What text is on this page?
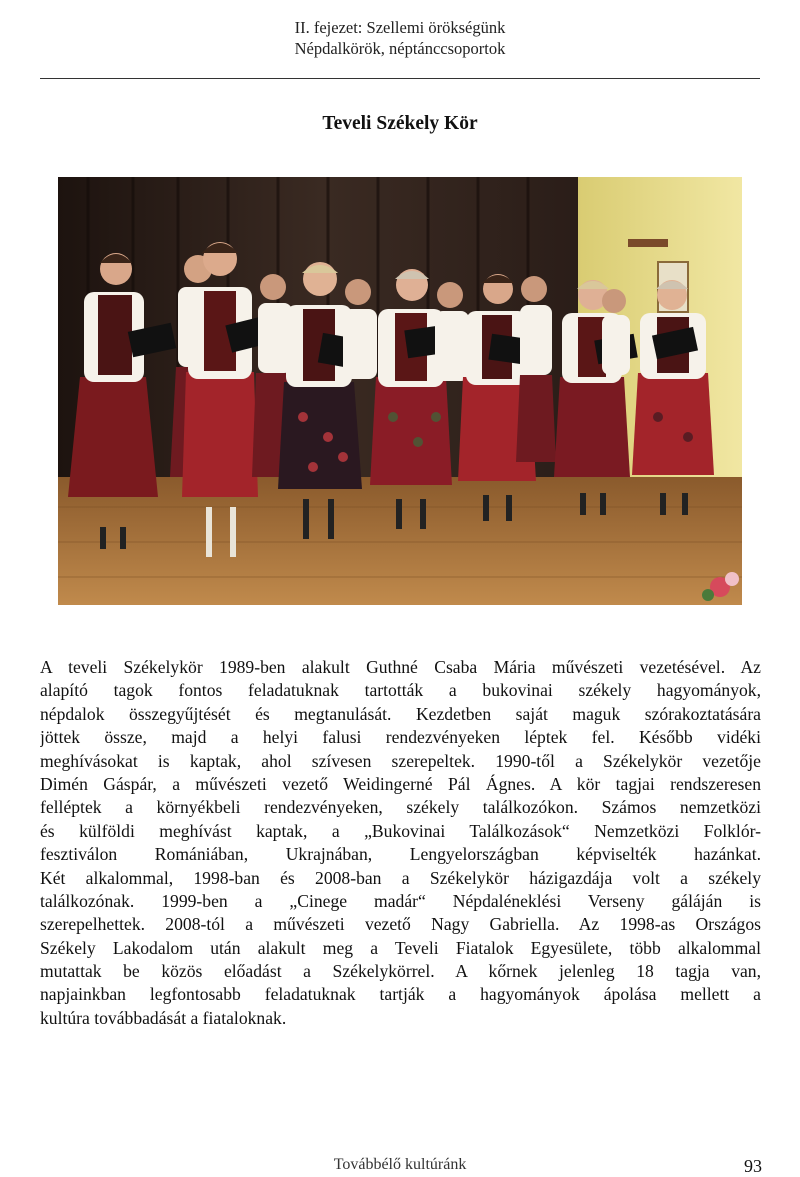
II. fejezet: Szellemi örökségünk
Népdalkörök, néptánccsoportok
Teveli Székely Kör
A teveli Székelykör 1989-ben alakult Guthné Csaba Mária művészeti vezetésével. Az
alapító tagok fontos feladatuknak tartották a bukovinai székely hagyományok,
népdalok összegyűjtését és megtanulását. Kezdetben saját maguk szórakoztatására
jöttek össze, majd a helyi falusi rendezvényeken léptek fel. Később vidéki
meghívásokat is kaptak, ahol szívesen szerepeltek. 1990-től a Székelykör vezetője
Dimén Gáspár, a művészeti vezető Weidingerné Pál Ágnes. A kör tagjai rendszeresen
felléptek a környékbeli rendezvényeken, székely találkozókon. Számos nemzetközi
és külföldi meghívást kaptak, a „Bukovinai Találkozások“ Nemzetközi Folklór-
fesztiválon Romániában, Ukrajnában, Lengyelországban képviselték hazánkat.
Két alkalommal, 1998-ban és 2008-ban a Székelykör házigazdája volt a székely
találkozónak. 1999-ben a „Cinege madár“ Népdaléneklési Verseny gáláján is
szerepelhettek. 2008-tól a művészeti vezető Nagy Gabriella. Az 1998-as Országos
Székely Lakodalom után alakult meg a Teveli Fiatalok Egyesülete, több alkalommal
mutattak be közös előadást a Székelykörrel. A kőrnek jelenleg 18 tagja van,
napjainkban legfontosabb feladatuknak tartják a hagyományok ápolása mellett a
kultúra továbbadását a fiataloknak.
Továbbélő kultúránk	93
